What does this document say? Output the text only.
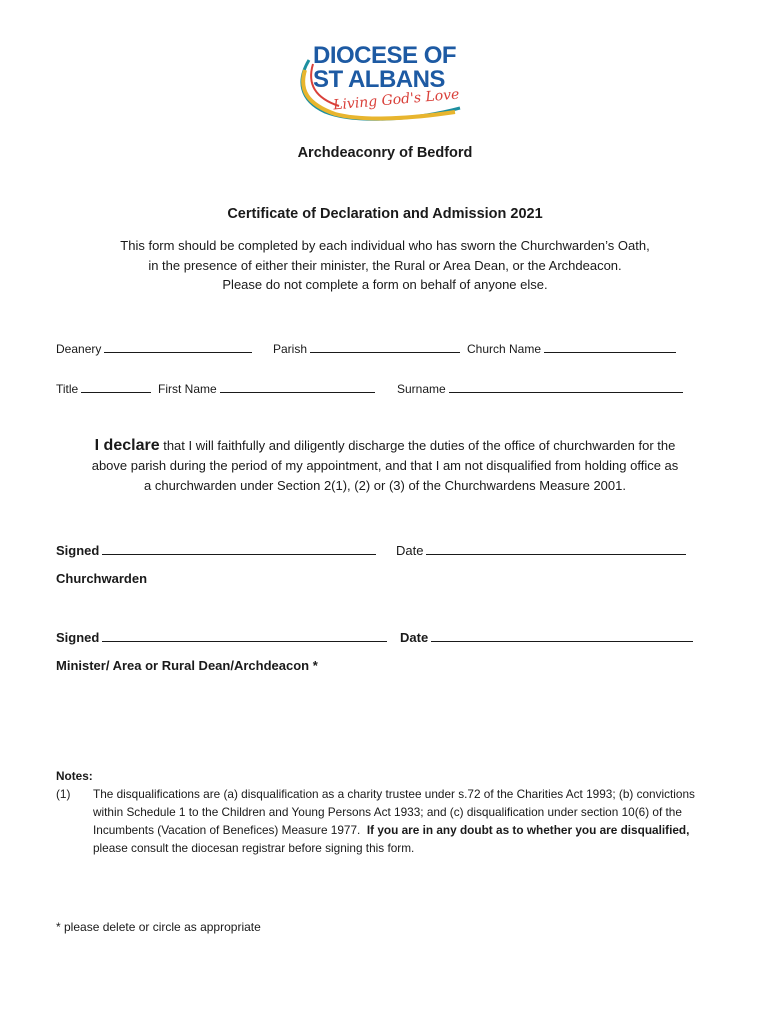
DIOCESE OF
ST ALBANS
Living God's Love
Archdeaconry of Bedford
Certificate of Declaration and Admission 2021
This form should be completed by each individual who has sworn the Churchwarden’s Oath,
in the presence of either their minister, the Rural or Area Dean, or the Archdeacon.
Please do not complete a form on behalf of anyone else.
Deanery	Parish	Church Name
Title	First Name	Surname
I declare that I will faithfully and diligently discharge the duties of the office of churchwarden for the
above parish during the period of my appointment, and that I am not disqualified from holding office as
a churchwarden under Section 2(1), (2) or (3) of the Churchwardens Measure 2001.
Signed	Date
Churchwarden
Signed	Date
Minister/ Area or Rural Dean/Archdeacon *
Notes:
(1) The disqualifications are (a) disqualification as a charity trustee under s.72 of the Charities Act 1993; (b) convictions within Schedule 1 to the Children and Young Persons Act 1933; and (c) disqualification under section 10(6) of the Incumbents (Vacation of Benefices) Measure 1977. If you are in any doubt as to whether you are disqualified, please consult the diocesan registrar before signing this form.
* please delete or circle as appropriate
